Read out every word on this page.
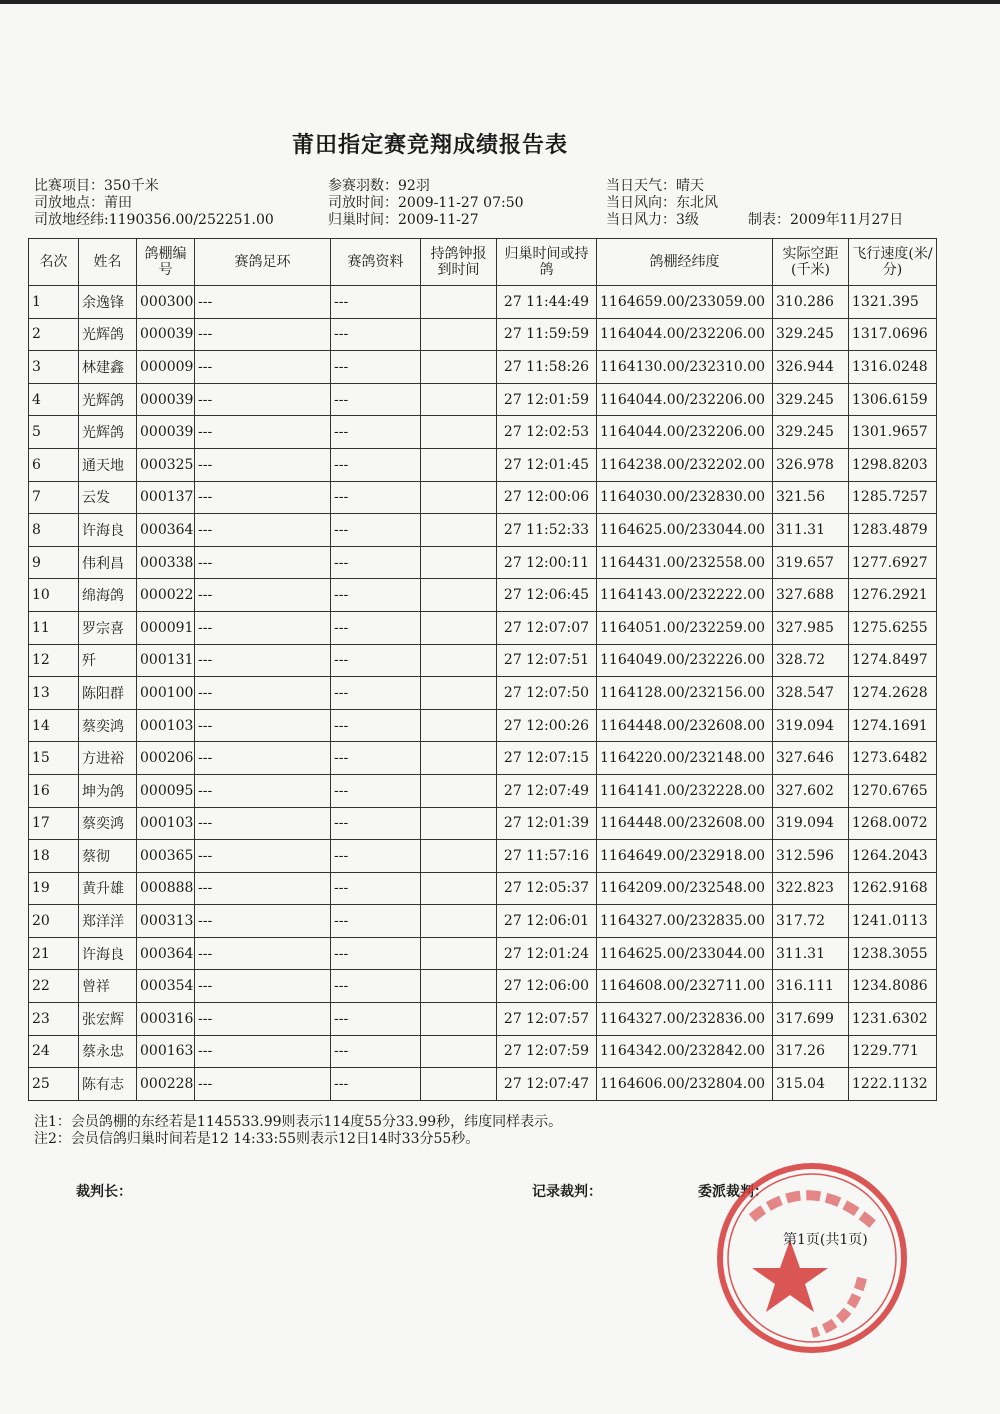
莆田指定赛竞翔成绩报告表
比赛项目：350千米
司放地点：莆田
司放地经纬:1190356.00/252251.00
参赛羽数：92羽
司放时间：2009-11-27 07:50
归巢时间：2009-11-27
当日天气：晴天
当日风向：东北风
当日风力：3级	制表：2009年11月27日
名次	姓名	鸽棚编号	赛鸽足环	赛鸽资料	持鸽钟报到时间	归巢时间或持鸽	鸽棚经纬度	实际空距(千米)	飞行速度(米/分)
1	余逸锋	000300	---	---		27 11:44:49	1164659.00/233059.00	310.286	1321.395
2	光辉鸽	000039	---	---		27 11:59:59	1164044.00/232206.00	329.245	1317.0696
3	林建鑫	000009	---	---		27 11:58:26	1164130.00/232310.00	326.944	1316.0248
4	光辉鸽	000039	---	---		27 12:01:59	1164044.00/232206.00	329.245	1306.6159
5	光辉鸽	000039	---	---		27 12:02:53	1164044.00/232206.00	329.245	1301.9657
6	通天地	000325	---	---		27 12:01:45	1164238.00/232202.00	326.978	1298.8203
7	云发	000137	---	---		27 12:00:06	1164030.00/232830.00	321.56	1285.7257
8	许海良	000364	---	---		27 11:52:33	1164625.00/233044.00	311.31	1283.4879
9	伟利昌	000338	---	---		27 12:00:11	1164431.00/232558.00	319.657	1277.6927
10	绵海鸽	000022	---	---		27 12:06:45	1164143.00/232222.00	327.688	1276.2921
11	罗宗喜	000091	---	---		27 12:07:07	1164051.00/232259.00	327.985	1275.6255
12	歼	000131	---	---		27 12:07:51	1164049.00/232226.00	328.72	1274.8497
13	陈阳群	000100	---	---		27 12:07:50	1164128.00/232156.00	328.547	1274.2628
14	蔡奕鸿	000103	---	---		27 12:00:26	1164448.00/232608.00	319.094	1274.1691
15	方进裕	000206	---	---		27 12:07:15	1164220.00/232148.00	327.646	1273.6482
16	坤为鸽	000095	---	---		27 12:07:49	1164141.00/232228.00	327.602	1270.6765
17	蔡奕鸿	000103	---	---		27 12:01:39	1164448.00/232608.00	319.094	1268.0072
18	蔡彻	000365	---	---		27 11:57:16	1164649.00/232918.00	312.596	1264.2043
19	黄升雄	000888	---	---		27 12:05:37	1164209.00/232548.00	322.823	1262.9168
20	郑洋洋	000313	---	---		27 12:06:01	1164327.00/232835.00	317.72	1241.0113
21	许海良	000364	---	---		27 12:01:24	1164625.00/233044.00	311.31	1238.3055
22	曾祥	000354	---	---		27 12:06:00	1164608.00/232711.00	316.111	1234.8086
23	张宏辉	000316	---	---		27 12:07:57	1164327.00/232836.00	317.699	1231.6302
24	蔡永忠	000163	---	---		27 12:07:59	1164342.00/232842.00	317.26	1229.771
25	陈有志	000228	---	---		27 12:07:47	1164606.00/232804.00	315.04	1222.1132
注1：会员鸽棚的东经若是1145533.99则表示114度55分33.99秒，纬度同样表示。
注2：会员信鸽归巢时间若是12 14:33:55则表示12日14时33分55秒。
裁判长：	记录裁判：	委派裁判：
第1页(共1页)
